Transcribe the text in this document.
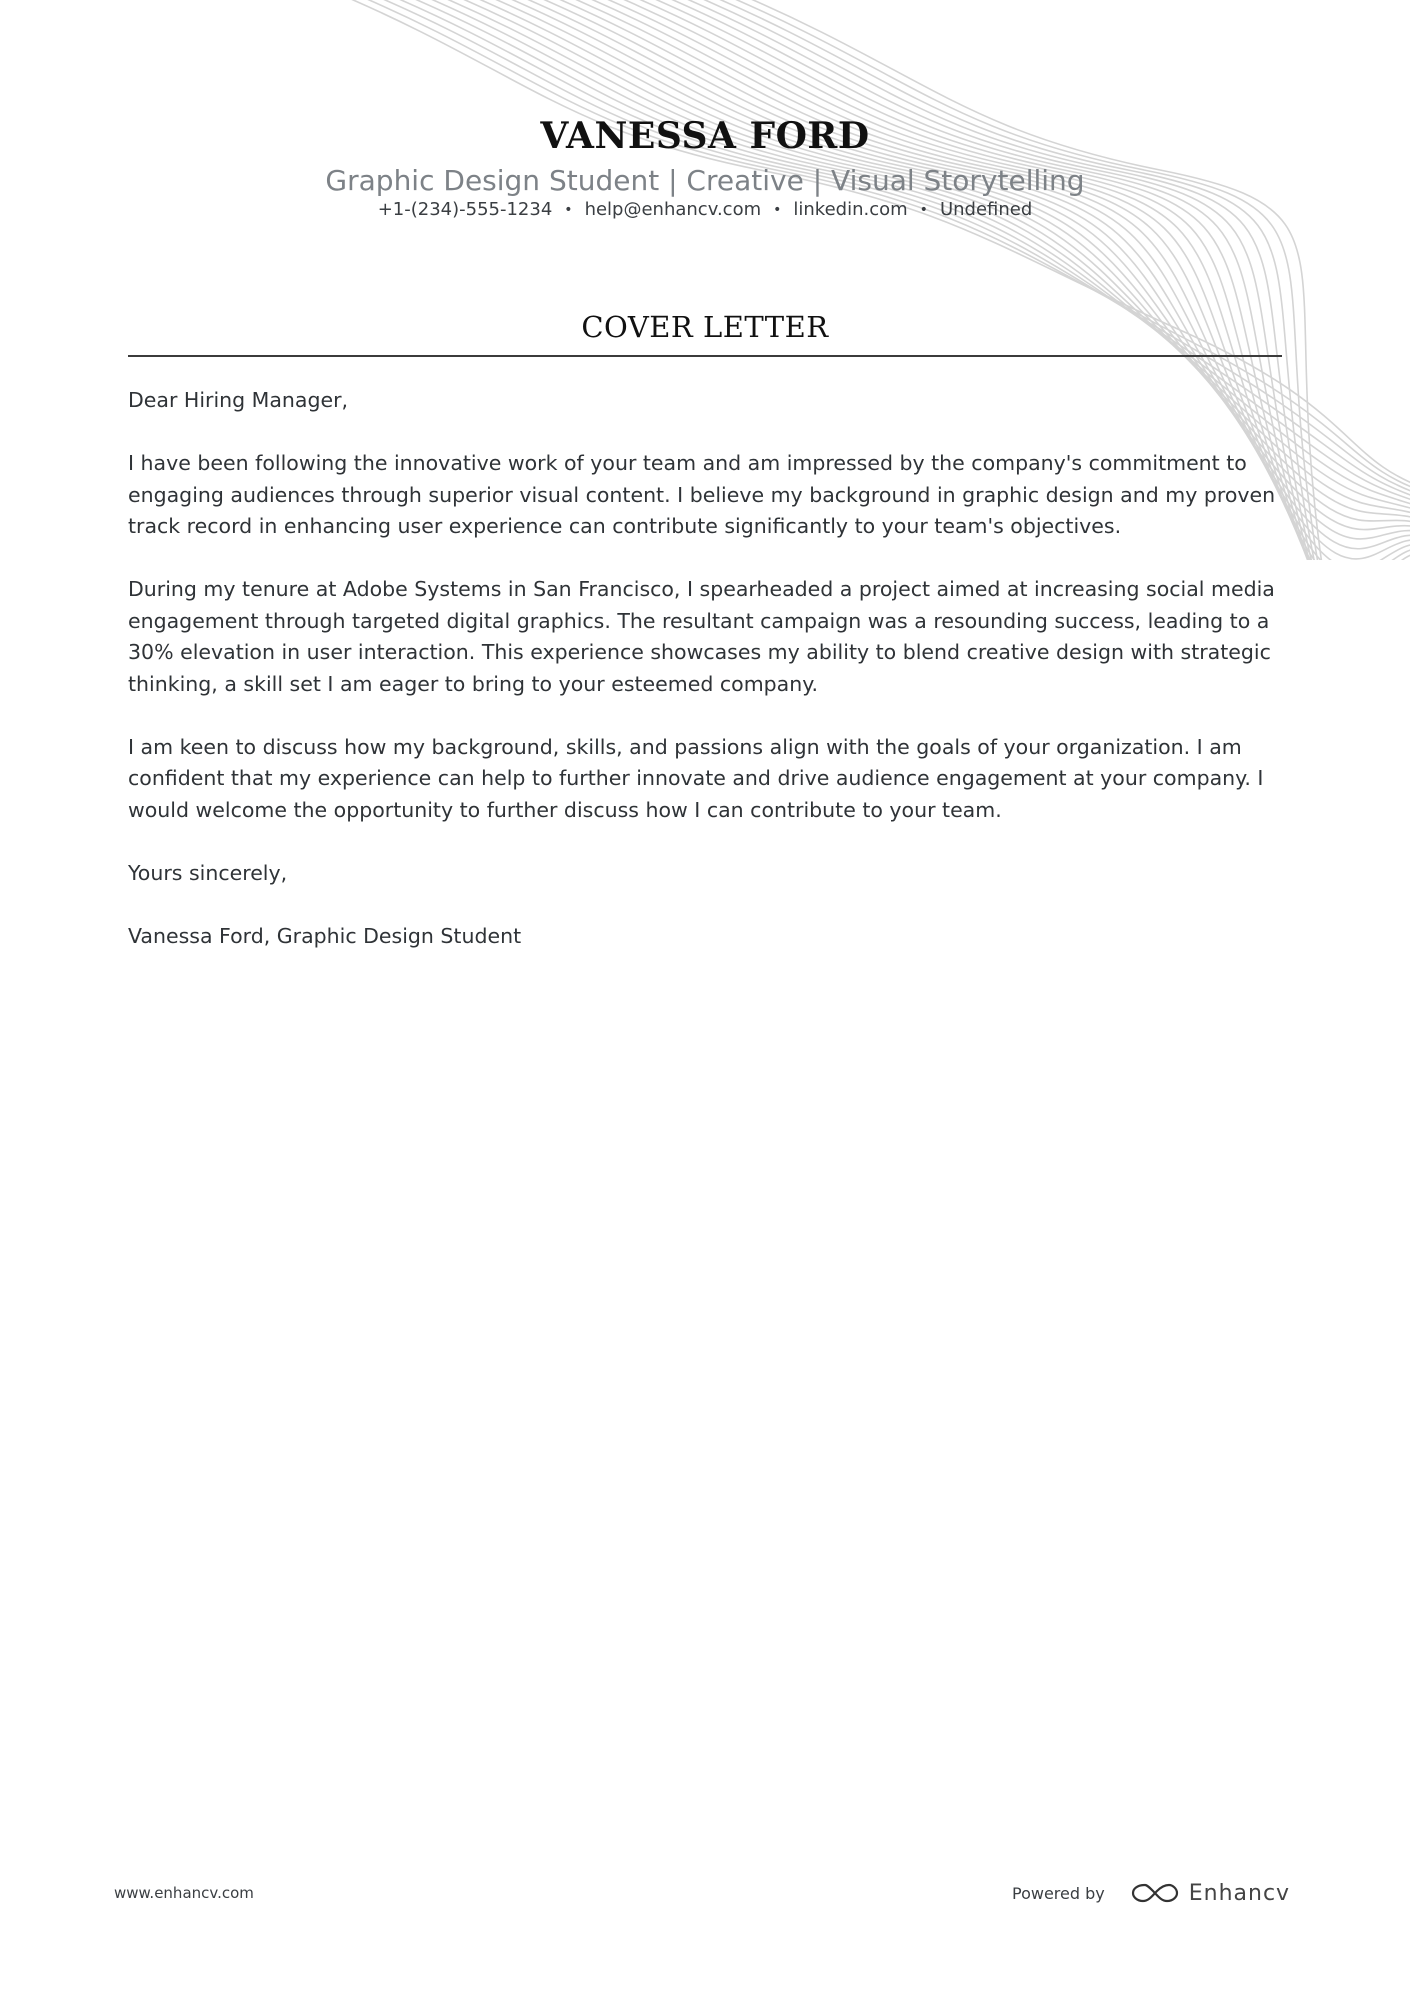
VANESSA FORD
Graphic Design Student | Creative | Visual Storytelling
+1-(234)-555-1234 • help@enhancv.com • linkedin.com • Undefined
COVER LETTER

Dear Hiring Manager,

I have been following the innovative work of your team and am impressed by the company's commitment to engaging audiences through superior visual content. I believe my background in graphic design and my proven track record in enhancing user experience can contribute significantly to your team's objectives.

During my tenure at Adobe Systems in San Francisco, I spearheaded a project aimed at increasing social media engagement through targeted digital graphics. The resultant campaign was a resounding success, leading to a 30% elevation in user interaction. This experience showcases my ability to blend creative design with strategic thinking, a skill set I am eager to bring to your esteemed company.

I am keen to discuss how my background, skills, and passions align with the goals of your organization. I am confident that my experience can help to further innovate and drive audience engagement at your company. I would welcome the opportunity to further discuss how I can contribute to your team.

Yours sincerely,

Vanessa Ford, Graphic Design Student

www.enhancv.com	Powered by	Enhancv
